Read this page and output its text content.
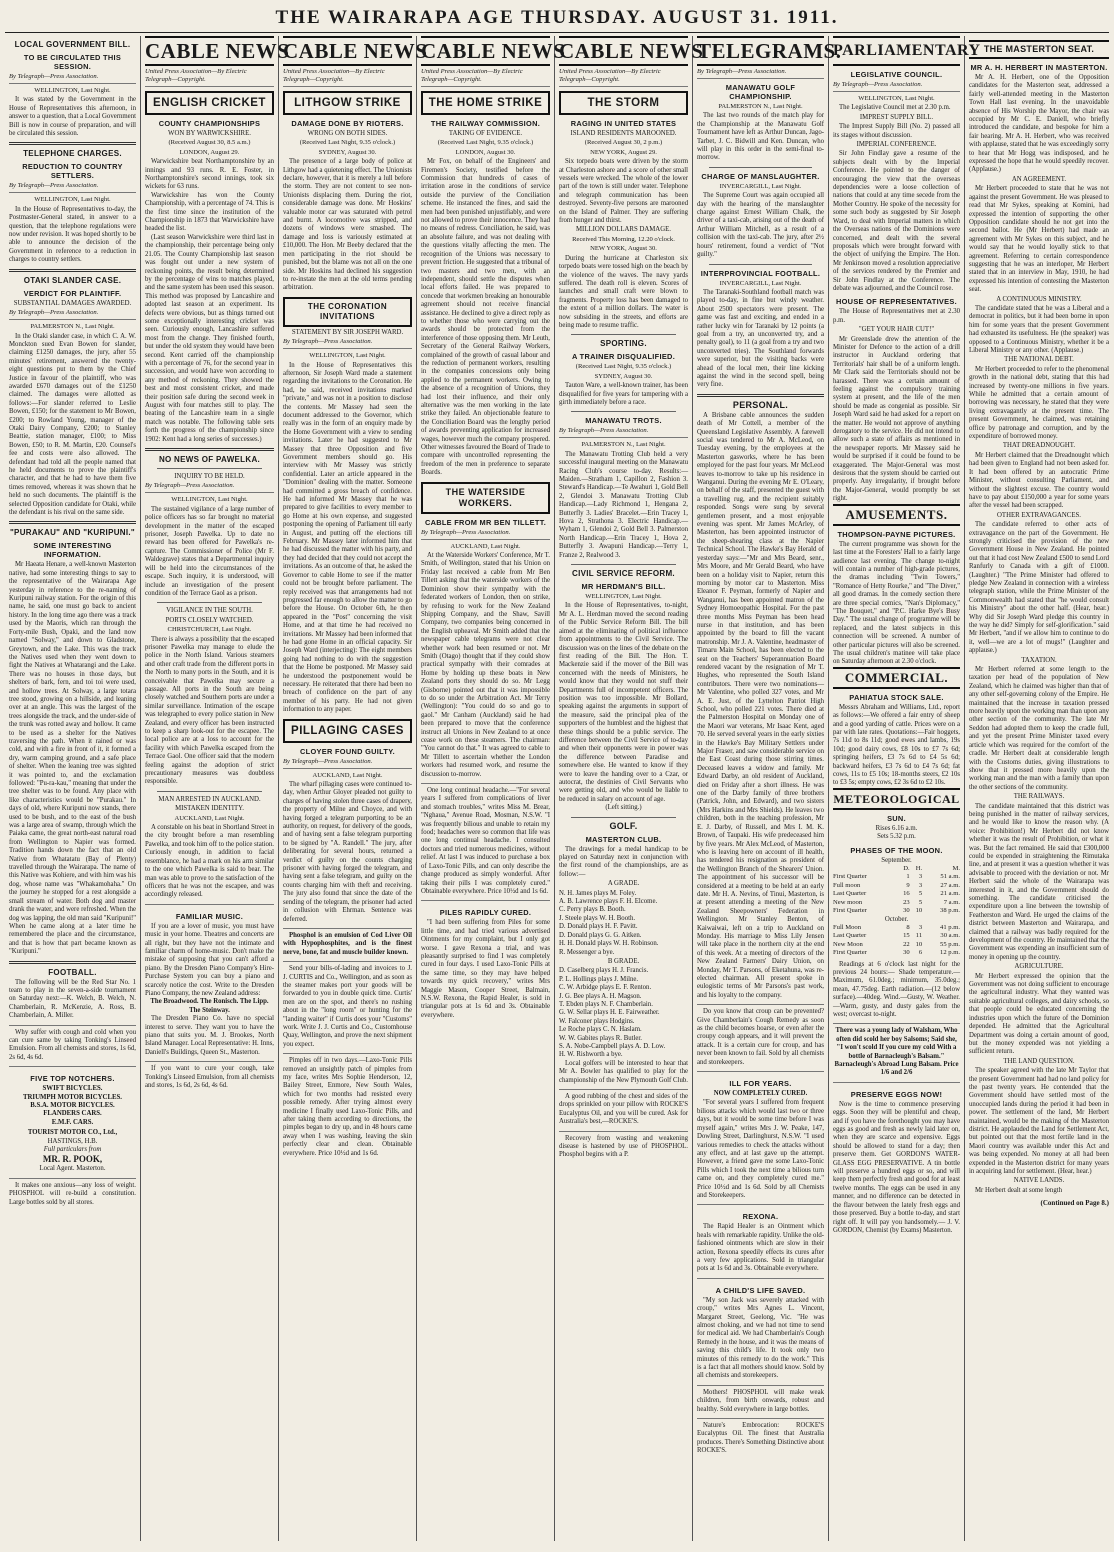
THE WAIRARAPA AGE THURSDAY. AUGUST 31. 1911.
LOCAL GOVERNMENT BILL.
TO BE CIRCULATED THIS SESSION.
By Telegraph—Press Association.
WELLINGTON, Last Night.

It was stated by the Government in the House of Representatives this afternoon, in answer to a question, that a Local Government Bill is now in course of preparation, and will be circulated this session.

TELEPHONE CHARGES.
REDUCTION TO COUNTRY SETTLERS.
By Telegraph—Press Association.
WELLINGTON, Last Night.

In the House of Representatives to-day, the Postmaster-General stated, in answer to a question, that the telephone regulations were now under revision. It was hoped shortly to be able to announce the decision of the Government in reference to a reduction in charges to country settlers.

OTAKI SLANDER CASE.
VERDICT FOR PLAINTIFF.
SUBSTANTIAL DAMAGES AWARDED.
By Telegraph—Press Association.
PALMERSTON N., Last Night.

In the Otaki slander case, in which C. A. W. Monckton sued Evan Bowen for slander, claiming £1250 damages, the jury, after 55 minutes' retirement, answered the twenty-eight questions put to them by the Chief Justice in favour of the plaintiff, who was awarded £670 damages out of the £1250 claimed. The damages were allotted as follows:—For slander referred to Leslie Bowen, £150; for the statement to Mr Bowen, £200; to Rowland Young, manager of the Otaki Dairy Company, £200; to Stanley Beattie, station manager, £100; to Miss Bowen, £50; to R. M. Martin, £20. Counsel's fee and costs were also allowed. The defendant had told all the people named that he held documents to prove the plaintiff's character, and that he had to have them five times removed, whereas it was shown that he held no such documents. The plaintiff is the selected Opposition candidate for Otaki, while the defendant is his rival on the same side.

"PURAKAU" AND "KURIPUNI."
SOME INTERESTING INFORMATION.

Mr Haeata Henare, a well-known Masterton native, had some interesting things to say to the representative of the Wairarapa Age yesterday in reference to the re-naming of Kuripuni railway station. For the origin of this name, he said, one must go back to ancient history. In the long time ago there was a track used by the Maoris, which ran through the Forty-mile Bush, Opaki, and the land now named "Solway," and down to Gladstone, Greytown, and the Lake. This was the track the Natives used when they went down to fight the Natives at Whatarangi and the Lake. There was no houses in those days, but shelters of bark, fern, and toi toi were used, and hollow trees. At Solway, a large totara tree stood, growing on a hillside, and leaning over at an angle. This was the largest of the trees alongside the track, and the under-side of the trunk was rotted away and hollow. It came to be used as a shelter for the Natives traversing the path. When it rained or was cold, and with a fire in front of it, it formed a dry, warm camping ground, and a safe place of shelter. When the leaning tree was sighted it was pointed to, and the exclamation followed: "Pu-ra-kau," meaning that under the tree shelter was to be found. Any place with like characteristics would be "Purakau." In days of old, where Kuripuni now stands, there used to be bush, and to the east of the bush was a large area of swamp, through which the Paiaka came, the great north-east natural road from Wellington to Napier was formed. Tradition hands down the fact that an old Native from Whatatatu (Bay of Plenty) travelled through the Wairarapa. The name of this Native was Kohiere, and with him was his dog, whose name was "Whakamohaha." On the journey he stopped for a rest alongside a small stream of water. Both dog and master drank the water, and were refreshed. When the dog was lapping, the old man said "Kuripuni!" When he came along at a later time he remembered the place and the circumstance, and that is how that part became known as "Kuripuni."

FOOTBALL.

The following will be the Red Star No. 1 team to play in the seven-a-side tournament on Saturday next:—K. Welch, B. Welch, N. Chamberlain, R. McKenzie, A. Ross, B. Chamberlain, A. Miller.

Why suffer with cough and cold when you can cure same by taking Tonking's Linseed Emulsion. From all chemists and stores, 1s 6d, 2s 6d, 4s 6d.

FIVE TOP NOTCHERS.
SWIFT BICYCLES.
TRIUMPH MOTOR BICYCLES.
B.S.A. MOTOR BICYCLES.
FLANDERS CARS.
E.M.F. CARS.
TOURIST MOTOR CO., Ltd.,
HASTINGS, H.B.
Full particulars from
MR. R. POOK,
Local Agent. Masterton.

It makes one anxious—any loss of weight. PHOSPHOL will re-build a constitution. Large bottles sold by all stores.

CABLE NEWS
United Press Association—By Electric Telegraph—Copyright.
ENGLISH CRICKET
COUNTY CHAMPIONSHIPS
WON BY WARWICKSHIRE.
(Received August 30, 8.5 a.m.)
LONDON, August 29.

Warwickshire beat Northamptonshire by an innings and 93 runs. R. E. Foster, in Northamptonshire's second innings, took six wickets for 63 runs.

Warwickshire has won the County Championship, with a percentage of 74. This is the first time since the institution of the Championship in 1873 that Warwickshire have headed the list.

(Last season Warwickshire were third last in the championship, their percentage being only 21.05. The County Championship last season was fought out under a new system of reckoning points, the result being determined by the percentage of wins to matches played, and the same system has been used this season. This method was proposed by Lancashire and adopted last season at an experiment. Its defects were obvious, but as things turned out some exceptionally interesting cricket was seen. Curiously enough, Lancashire suffered most from the change. They finished fourth, but under the old system they would have been second. Kent carried off the championship with a percentage of 76, for the second year in succession, and would have won according to any method of reckoning. They showed the best and most consistent cricket, and made their position safe during the second week in August with four matches still to play. The beating of the Lancashire team in a single match was notable. The following table sets forth the progress of the championship since 1902: Kent had a long series of successes.)

NO NEWS OF PAWELKA.
INQUIRY TO BE HELD.
By Telegraph—Press Association.
WELLINGTON, Last Night.

The sustained vigilance of a large number of police officers has so far brought no material development in the matter of the escaped prisoner, Joseph Pawelka. Up to date no reward has been offered for Pawelka's re-capture. The Commissioner of Police (Mr F. Waldegrave) states that a Departmental inquiry will be held into the circumstances of the escape. Such inquiry, it is understood, will include an investigation of the present condition of the Terrace Gaol as a prison.

VIGILANCE IN THE SOUTH.
PORTS CLOSELY WATCHED.
CHRISTCHURCH, Last Night.

There is always a possibility that the escaped prisoner Pawelka may manage to elude the police in the North Island. Various steamers and other craft trade from the different ports in the North to many ports in the South, and it is conceivable that Pawelka may secure a passage. All ports in the South are being closely watched and Southern ports are under a similar surveillance. Intimation of the escape was telegraphed to every police station in New Zealand, and every officer has been instructed to keep a sharp look-out for the escapee. The local police are at a loss to account for the facility with which Pawelka escaped from the Terrace Gaol. One officer said that the modern feeling against the adoption of strict precautionary measures was doubtless responsible.

MAN ARRESTED IN AUCKLAND.
MISTAKEN IDENTITY.
AUCKLAND, Last Night.

A constable on his beat in Shortland Street in the city brought before a man resembling Pawelka, and took him off to the police station. Curiously enough, in addition to facial resemblance, he had a mark on his arm similar to the one which Pawelka is said to bear. The man was able to prove to the satisfaction of the officers that he was not the escapee, and was accordingly released.

FAMILIAR MUSIC.

If you are a lover of music, you must have music in your home. Theatres and concerts are all right, but they have not the intimate and familiar charm of home-music. Don't make the mistake of supposing that you can't afford a piano. By the Dresden Piano Company's Hire-Purchase System you can buy a piano and scarcely notice the cost. Write to the Dresden Piano Company, the new Zealand address:

The Broadwood. The Ronisch. The Lipp. The Steinway.

The Dresden Piano Co. have no special interest to serve. They want you to have the piano that suits you. M. J. Brookes, North Island Manager. Local Representative: H. Inns, Daniell's Buildings, Queen St., Masterton.

If you want to cure your cough, take Tonking's Linseed Emulsion, from all chemists and stores, 1s 6d, 2s 6d, 4s 6d.

CABLE NEWS
United Press Association—By Electric Telegraph—Copyright.
LITHGOW STRIKE
DAMAGE DONE BY RIOTERS.
WRONG ON BOTH SIDES.
(Received Last Night, 9.35 o'clock.)
SYDNEY, August 30.

The presence of a large body of police at Lithgow had a quietening effect. The Unionists declare, however, that it is merely a lull before the storm. They are not content to see non-Unionists displacing them. During the riot, considerable damage was done. Mr Hoskins' valuable motor car was saturated with petrol and burnt. A locomotive was stripped, and dozens of windows were smashed. The damage and loss is variously estimated at £10,000. The Hon. Mr Beeby declared that the men participating in the riot should be punished, but the blame was not all on the one side. Mr Hoskins had declined his suggestion to re-instate the men at the old terms pending arbitration.

THE CORONATION INVITATIONS
STATEMENT BY SIR JOSEPH WARD.
By Telegraph—Press Association.
WELLINGTON, Last Night.

In the House of Representatives this afternoon, Sir Joseph Ward made a statement regarding the invitations to the Coronation. He had, he said, received invitations marked "private," and was not in a position to disclose the contents. Mr Massey had seen the document addressed to the Governor, which really was in the form of an enquiry made by the Home Government with a view to sending invitations. Later he had suggested to Mr Massey that three Opposition and five Government members should go. His interview with Mr Massey was strictly confidential. Later an article appeared in the "Dominion" dealing with the matter. Someone had committed a gross breach of confidence. He had informed Mr Massey that he was prepared to give facilities to every member to go Home at his own expense, and suggested postponing the opening of Parliament till early in August, and putting off the elections till February. Mr Massey later informed him that he had discussed the matter with his party, and they had decided that they could not accept the invitations. As an outcome of that, he asked the Governor to cable Home to see if the matter could not be brought before parliament. The reply received was that arrangements had not progressed far enough to allow the matter to go before the House. On October 6th, he then appeared in the "Post" concerning the visit Home, and at that time he had received no invitations. Mr Massey had been informed that he had gone Home in an official capacity. Sir Joseph Ward (interjecting): The eight members going had nothing to do with the suggestion that the Home be postponed. Mr Massey said he understood the postponement would be necessary. He reiterated that there had been no breach of confidence on the part of any member of his party. He had not given information to any paper.

PILLAGING CASES
CLOYER FOUND GUILTY.
By Telegraph—Press Association.
AUCKLAND, Last Night.

The wharf pillaging cases were continued to-day, when Arthur Gloyer pleaded not guilty to charges of having stolen three cases of drapery, the property of Milne and Choyce, and with having forged a telegram purporting to be an authority, on request, for delivery of the goods, and of having sent a false telegram purporting to be signed by "A. Randell." The jury, after deliberating for several hours, returned a verdict of guilty on the counts charging prisoner with having forged the telegram, and having sent a false telegram, and guilty on the counts charging him with theft and receiving. The jury also found that since the date of the sending of the telegram, the prisoner had acted in collusion with Ehrman. Sentence was deferred.

Phosphol is an emulsion of Cod Liver Oil with Hypophosphites, and is the finest nerve, bone, fat and muscle builder known.

Send your bills-of-lading and invoices to J. J. CURTIS and Co., Wellington, and as soon as the steamer makes port your goods will be forwarded to you in double quick time. Curtis' men are on the spot, and there's no rushing about in the "long room" or hunting for the "landing waiter" if Curtis does your "Customs" work. Write J. J. Curtis and Co., Customhouse Quay, Wellington, and prove the next shipment you expect.

Pimples off in two days.—Laxo-Tonic Pills removed an unsightly patch of pimples from my face, writes Mrs Sophie Henderson, 12, Bailey Street, Enmore, New South Wales, which for two months had resisted every possible remedy. After trying almost every medicine I finally used Laxo-Tonic Pills, and after taking them according to directions, the pimples began to dry up, and in 48 hours came away when I was washing, leaving the skin perfectly clear and clean. Obtainable everywhere. Price 10½d and 1s 6d.

CABLE NEWS
United Press Association—By Electric Telegraph—Copyright.
THE HOME STRIKE
THE RAILWAY COMMISSION.
TAKING OF EVIDENCE.
(Received Last Night, 9.35 o'clock.)
LONDON, August 30.

Mr Fox, on behalf of the Engineers' and Firemen's Society, testified before the Commission that hundreds of cases of irritation arose in the conditions of service outside the purview of the Conciliation scheme. He instanced the fines, and said the men had been punished unjustifiably, and were not allowed to prove their innocence. They had no means of redress. Conciliation, he said, was an absolute failure, and was not dealing with the questions vitally affecting the men. The recognition of the Unions was necessary to prevent friction. He suggested that a tribunal of two masters and two men, with an independent, should settle the disputes when local efforts failed. He was prepared to concede that workmen breaking an honourable agreement should not receive financial assistance. He declined to give a direct reply as to whether those who were carrying out the awards should be protected from the interference of those opposing them. Mr Leuth, Secretary of the General Railway Workers, complained of the growth of casual labour and the reduction of permanent workers, resulting in the companies concessions only being applied to the permanent workers. Owing to the absence of a recognition of Unions, they had lost their influence, and their only alternative was the men working in the late strike they failed. An objectionable feature to the Conciliation Board was the lengthy period of awards preventing application for increased wages, however much the company prospered. Other witnesses favoured the Board of Trade to compare with uncontrolled representing the freedom of the men in preference to separate Boards.

THE WATERSIDE WORKERS.
CABLE FROM MR BEN TILLETT.
By Telegraph—Press Association.
AUCKLAND, Last Night.

At the Waterside Workers' Conference, Mr T. Smith, of Wellington, stated that his Union on Friday last received a cable from Mr Ben Tillett asking that the waterside workers of the Dominion show their sympathy with the federated workers of London, then on strike, by refusing to work for the New Zealand Shipping Company, and the Shaw, Savill Company, two companies being concerned in the English upheaval. Mr Smith added that the newspaper cable telegrams were not clear whether work had been resumed or not. Mr Smith (Otago) thought that if they could show practical sympathy with their comrades at Home by holding up these boats in New Zealand ports they should do so. Mr Legg (Gisborne) pointed out that it was impossible to do so under the Arbitration Act. Mr Terry (Wellington): "You could do so and go to gaol." Mr Canham (Auckland) said he had been prepared to move that the conference instruct all Unions in New Zealand to at once cease work on these steamers. The chairman: "You cannot do that." It was agreed to cable to Mr Tillett to ascertain whether the London workers had resumed work, and resume the discussion to-morrow.

One long continual headache.—"For several years I suffered from complications of liver and stomach troubles," writes Miss M. Brear, "Nghaua," Avenue Road, Mosman, N.S.W. "I was frequently bilious and unable to retain my food; headaches were so common that life was one long continual headache. I consulted doctors and tried numerous medicines, without relief. At last I was induced to purchase a box of Laxo-Tonic Pills, and can only describe the change produced as simply wonderful. After taking their pills I was completely cured." Obtainable everywhere. Price 10½d and 1s 6d.

PILES RAPIDLY CURED.

"I had been suffering from Piles for some little time, and had tried various advertised Ointments for my complaint, but I only got worse. I gave Rexona a trial, and was pleasantly surprised to find I was completely cured in four days. I used Laxo-Tonic Pills at the same time, so they may have helped towards my quick recovery," writes Mrs Maggie Mason, Cooper Street, Balmain, N.S.W. Rexona, the Rapid Healer, is sold in triangular pots at 1s 6d and 3s. Obtainable everywhere.

CABLE NEWS
United Press Association—By Electric Telegraph—Copyright.
THE STORM
RAGING IN UNITED STATES
ISLAND RESIDENTS MAROONED.
(Received August 30, 2 p.m.)
NEW YORK, August 29.

Six torpedo boats were driven by the storm at Charleston ashore and a score of other small vessels were wrecked. The whole of the lower part of the town is still under water. Telephone and telegraph communication has been destroyed. Seventy-five persons are marooned on the Island of Palmer. They are suffering from hunger and thirst.

MILLION DOLLARS DAMAGE.
Received This Morning, 12.20 o'clock.
NEW YORK, August 30.

During the hurricane at Charleston six torpedo boats were tossed high on the beach by the violence of the waves. The navy yards suffered. The death roll is eleven. Scores of launches and small craft were blown to fragments. Property loss has been damaged to the extent of a million dollars. The water is now subsiding in the streets, and efforts are being made to resume traffic.

SPORTING.
A TRAINER DISQUALIFIED.
(Received Last Night, 9.35 o'clock.)
SYDNEY, August 30.

Tauton Ware, a well-known trainer, has been disqualified for five years for tampering with a girth immediately before a race.

MANAWATU TROTS.
By Telegraph—Press Association.
PALMERSTON N., Last Night.

The Manawatu Trotting Club held a very successful inaugural meeting on the Manawatu Racing Club's course to-day. Results:— Maiden.—Stratham 1, Capillon 2, Fashion 3. Steward's Handicap.—Te Awahuri 1, Gold Bell 2, Glendoi 3. Manawatu Trotting Club Handicap.—Lady Richmond 1, Hengana 2, Butterfly 3. Ladies' Bracelet.—Erin Tracey 1, Hova 2, Strathona 3. Electric Handicap.—Wyham 1, Glendoi 2, Gold Bell 3. Palmerston North Handicap.—Erin Tracey 1, Hova 2, Butterfly 3. Awapuni Handicap.—Terry 1, Franze 2, Realwood 3.

CIVIL SERVICE REFORM.
MR HERDMAN'S BILL.
WELLINGTON, Last Night.

In the House of Representatives, to-night, Mr A. L. Herdman moved the second reading of the Public Service Reform Bill. The bill aimed at the eliminating of political influence from appointments to the Civil Service. The discussion was on the lines of the debate on the first reading of the Bill. The Hon. T. Mackenzie said if the mover of the Bill was concerned with the needs of Ministers, he would know that they would not stuff their Departments full of incompetent officers. The position was too impossible. Mr Bollard, speaking against the arguments in support of the measure, said the principal plea of the supporters of the humblest and the highest that these things should be a public service. The difference between the Civil Service of to-day and when their opponents were in power was the difference between Paradise and somewhere else. He wanted to know if they were to leave the handing over to a Czar, or autocrat, the destinies of Civil Servants who were getting old, and who would be liable to be reduced in salary on account of age.

(Left sitting.)
GOLF.
MASTERTON CLUB.

The drawings for a medal handicap to be played on Saturday next in conjunction with the first round of the championships, are as follow:—

A GRADE.
N. H. James plays M. Foley.
A. B. Lawrence plays F. H. Elcome.
C. Perry plays B. Booth.
J. Steele plays W. H. Booth.
D. Donald plays H. F. Pavitt.
D. Donald plays G. G. Aitken.
H. H. Donald plays W. H. Robinson.
R. Messenger a bye.
B GRADE.
D. Caselberg plays H. J. Francis.
P. L. Hollings plays J. Milne.
C. W. Arbidge plays E. F. Renton.
J. G. Bee plays A. H. Magson.
T. Ebden plays N. F. Chamberlain.
G. W. Sellar plays H. E. Fairweather.
W. Falconer plays Hodgins.
Le Roche plays C. N. Haslam.
W. W. Gabites plays R. Butler.
S. A. Nobe-Campbell plays A. D. Low.
H. W. Rishworth a bye.

Local golfers will be interested to hear that Mr A. Bowler has qualified to play for the championship of the New Plymouth Golf Club.

A good rubbing of the chest and sides of the drops sprinkled on your pillow with ROCKE'S Eucalyptus Oil, and you will be cured. Ask for Australia's best,—ROCKE'S.

Recovery from wasting and weakening disease is hastened by use of PHOSPHOL. Phosphol begins with a P.

TELEGRAMS.
By Telegraph—Press Association.
MANAWATU GOLF CHAMPIONSHIP.
PALMERSTON N., Last Night.

The last two rounds of the match play for the Championship at the Manawatu Golf Tournament have left as Arthur Duncan, Jago-Tarbet, J. C. Bidwill and Ken. Duncan, who will play in this order in the semi-final to-morrow.

CHARGE OF MANSLAUGHTER.
INVERCARGILL, Last Night.

The Supreme Court was again occupied all day with the hearing of the manslaughter charge against Ernest William Chalk, the driver of a taxi-cab, arising out of the death of Arthur William Mitchell, as a result of a collision with the taxi-cab. The jury, after 2½ hours' retirement, found a verdict of "Not guilty."

INTERPROVINCIAL FOOTBALL.
INVERCARGILL, Last Night.

The Taranaki-Southland football match was played to-day, in fine but windy weather. About 2500 spectators were present. The game was fast and exciting, and ended in a rather lucky win for Taranaki by 12 points (a goal from a try, an unconverted try, and a penalty goal), to 11 (a goal from a try and two unconverted tries). The Southland forwards were superior, but the visiting backs were ahead of the local men, their line kicking against the wind in the second spell, being very fine.

PERSONAL.

A Brisbane cable announces the sudden death of Mr Cottell, a member of the Queensland Legislative Assembly. A farewell social was tendered to Mr A. McLeod, on Tuesday evening, by the employees at the Masterton gasworks, where he has been employed for the past four years. Mr McLeod leaves to-morrow to take up his residence in Wanganui. During the evening Mr E. O'Leary, on behalf of the staff, presented the guest with a travelling rug, and the recipient suitably responded. Songs were sung by several gentlemen present, and a most enjoyable evening was spent. Mr James McArley, of Masterton, has been appointed instructor of the sheep-shearing class at the Napier Technical School. The Hawke's Bay Herald of yesterday says:—"Mr and Mrs Beard, senr., Mrs Moore, and Mr Gerald Beard, who have been on a holiday visit to Napier, return this morning by motor car to Masterton. Miss Eleanor F. Peyman, formerly of Napier and Wanganui, has been appointed matron of the Sydney Homoeopathic Hospital. For the past three months Miss Peyman has been head nurse in that institution, and has been appointed by the board to fill the vacant matronship. Mr J. A. Valentine, headmaster of Timaru Main School, has been elected to the seat on the Teachers' Superannuation Board rendered vacant by the resignation of Mr T. Hughes, who represented the South Island contributors. There were two nominations—Mr Valentine, who polled 327 votes, and Mr A. E. Just, of the Lyttelton Patriot High School, who polled 221 votes. There died at the Palmerston Hospital on Monday one of the Maori war veterans, Mr Isaac Kent, aged 70. He served several years in the early sixties in the Hawke's Bay Military Settlers under Major Fraser, and saw considerable service on the East Coast during those stirring times. Deceased leaves a widow and family. Mr Edward Darby, an old resident of Auckland, died on Friday after a short illness. He was one of the Darby family of three brothers (Patrick, John, and Edward), and two sisters (Mrs Harkins and Mrs Shields). He leaves two children, both in the teaching profession, Mr E. J. Darby, of Russell, and Mrs I. M. K. Brown, of Taupaki. His wife predeceased him by five years. Mr Alex McLeod, of Masterton, who is leaving here on account of ill health, has tendered his resignation as president of the Wellington Branch of the Shearers' Union. The appointment of his successor will be considered at a meeting to be held at an early date. Mr H. A. Nevins, of Tinui, Masterton, is at present attending a meeting of the New Zealand Sheepowners' Federation in Wellington. Mr Stanley Benton, of Kaiwaiwai, left on a trip to Auckland on Monday. His marriage to Miss Lily Jensen will take place in the northern city at the end of this week. At a meeting of directors of the New Zealand Farmers' Dairy Union, on Monday, Mr T. Parsons, of Eketahuna, was re-elected chairman. All present spoke in eulogistic terms of Mr Parsons's past work, and his loyalty to the company.

Do you know that croup can be prevented? Give Chamberlain's Cough Remedy as soon as the child becomes hoarse, or even after the croupy cough appears, and it will prevent the attack. It is a certain cure for croup, and has never been known to fail. Sold by all chemists and storekeepers.

ILL FOR YEARS.
NOW COMPLETELY CURED.

"For several years I suffered from frequent bilious attacks which would last two or three days, but it would be some time before I was myself again," writes Mrs J. W. Peake, 147, Dowling Street, Darlinghurst, N.S.W. "I used various remedies to check the attacks without any effect, and at last gave up the attempt. However, a friend gave me some Laxo-Tonic Pills which I took the next time a bilious turn came on, and they completely cured me." Price 10½d and 1s 6d. Sold by all Chemists and Storekeepers.

REXONA.

The Rapid Healer is an Ointment which heals with remarkable rapidity. Unlike the old-fashioned ointments which are slow in their action, Rexona speedily effects its cures after a very few applications. Sold in triangular pots at 1s 6d and 3s. Obtainable everywhere.

A CHILD'S LIFE SAVED.

"My son Jack was severely attacked with croup," writes Mrs Agnes L. Vincent, Margaret Street, Geelong, Vic. "He was almost choking, and we had not time to send for medical aid. We had Chamberlain's Cough Remedy in the house, and it was the means of saving this child's life. It took only two minutes of this remedy to do the work." This is a fact that all mothers should know. Sold by all chemists and storekeepers.

Mothers! PHOSPHOL will make weak children, from birth onwards, robust and healthy. Sold everywhere in large bottles.

Nature's Embrocation: ROCKE'S Eucalyptus Oil. The finest that Australia produces. There's Something Distinctive about ROCKE'S.

PARLIAMENTARY
LEGISLATIVE COUNCIL.
By Telegraph—Press Association.
WELLINGTON, Last Night.

The Legislative Council met at 2.30 p.m.

IMPREST SUPPLY BILL.

The Imprest Supply Bill (No. 2) passed all its stages without discussion.

IMPERIAL CONFERENCE.

Sir John Findlay gave a resume of the subjects dealt with by the Imperial Conference. He pointed to the danger of encouraging the view that the overseas dependencies were a loose collection of nations that could at any time secede from the Mother Country. He spoke of the necessity for some such body as suggested by Sir Joseph Ward, to deal with Imperial matters in which the Overseas nations of the Dominions were concerned, and dealt with the several proposals which were brought forward with the object of unifying the Empire. The Hon. Mr Jenkinson moved a resolution appreciative of the services rendered by the Premier and Sir John Findlay at the Conference. The debate was adjourned, and the Council rose.

HOUSE OF REPRESENTATIVES.

The House of Representatives met at 2.30 p.m.

"GET YOUR HAIR CUT!"

Mr Greenslade drew the attention of the Minister for Defence to the action of a drill instructor in Auckland ordering that Territorials' hair shall be of a uniform length. Mr Clark said the Territorials should not be harassed. There was a certain amount of feeling against the compulsory training system at present, and the life of the men should be made as congenial as possible. Sir Joseph Ward said he had asked for a report on the matter. He would not approve of anything derogatory to the service. He did not intend to allow such a state of affairs as mentioned in the newspaper reports. Mr Massey said he would be surprised if it could be found to be exaggerated. The Major-General was most desirous that the system should be carried out properly. Any irregularity, if brought before the Major-General, would promptly be set right.

AMUSEMENTS.
THOMPSON-PAYNE PICTURES.

The current programme was shown for the last time at the Foresters' Hall to a fairly large audience last evening. The change to-night will contain a number of high-grade pictures, the dramas including "Twin Towers," "Romance of Hetty Rourke," and "The Diver," all good dramas. In the comedy section there are three special comics, "Nan's Diplomacy," "The Bouquet," and "P.C. Harke Bye's Busy Day." The usual change of programme will be replaced, and the latest subjects in this connection will be screened. A number of other particular pictures will also be screened. The usual children's matinee will take place on Saturday afternoon at 2.30 o'clock.

COMMERCIAL.
PAHIATUA STOCK SALE.

Messrs Abraham and Williams, Ltd., report as follows:—We offered a fair entry of sheep and a good yarding of cattle. Prices were on a par with late rates. Quotations:—Fair hoggets, 7s 11d to 8s 11d; good ewes and lambs, 19s 10d; good dairy cows, £8 10s to £7 7s 6d; springing heifers, £3 7s 6d to £4 5s 6d; backward heifers, £3 7s 6d to £4 7s 6d; fat cows, 11s to £5 10s; 18-months steers, £2 10s to £3 5s; empty cows, £2 3s 6d to £2 10s.

METEOROLOGICAL
SUN.
Rises 6.16 a.m.
Sets 5.32 p.m.
PHASES OF THE MOON.
September.
	D.	H.	M.
First Quarter	1	3	51 a.m.
Full moon	9	3	27 a.m.
Last Quarter	16	5	21 a.m.
New moon	23	5	7 a.m.
First Quarter	30	10	38 p.m.
October.
Full Moon	8	3	41 p.m.
Last Quarter	15	11	30 a.m.
New Moon	22	10	55 p.m.
First Quarter	30	6	12 p.m.

Readings at 6 o'clock last night for the previous 24 hours:— Shade temperature.—Maximum, 61.0deg.; minimum, 35.0deg.; mean, 47.75deg. Earth radiation.—(12 below surface).—40deg. Wind.—Gusty, W. Weather.—Warm, gusty, and dusty gales from the west; overcast to-night.

There was a young lady of Walsham, Who often did scold her boy Salsoms; Said she, "I won't scold If you cure my cold With a bottle of Barnacleugh's Balsam." Barnacleugh's Abroad Lung Balsam. Price 1/6 and 2/6

PRESERVE EGGS NOW!

Now is the time to commence preserving eggs. Soon they will be plentiful and cheap, and if you have the forethought you may have eggs as good and fresh as newly laid later on, when they are scarce and expensive. Eggs should be allowed to stand for a day; then preserve them. Get GORDON'S WATER-GLASS EGG PRESERVATIVE. A tin bottle will preserve a hundred eggs or so, and will keep them perfectly fresh and good for at least twelve months. The eggs can be used in any manner, and no difference can be detected in the flavour between the lately fresh eggs and those preserved. Buy a bottle to-day, and start right off. It will pay you handsomely.— J. V. GORDON, Chemist (by Exams) Masterton.

THE MASTERTON SEAT.
MR A. H. HERBERT IN MASTERTON.

Mr A. H. Herbert, one of the Opposition candidates for the Masterton seat, addressed a fairly well-attended meeting in the Masterton Town Hall last evening. In the unavoidable absence of His Worship the Mayor, the chair was occupied by Mr C. E. Daniell, who briefly introduced the candidate, and bespoke for him a fair hearing. Mr A. H. Herbert, who was received with applause, stated that he was exceedingly sorry to hear that Mr Hogg was indisposed, and he expressed the hope that he would speedily recover. (Applause.)

AN AGREEMENT.

Mr Herbert proceeded to state that he was not against the present Government. He was pleased to read that Mr Sykes, speaking at Komini, had expressed the intention of supporting the other Opposition candidate should he not get into the second ballot. He (Mr Herbert) had made an agreement with Mr Sykes on this subject, and he would say that he would loyally stick to that agreement. Referring to certain correspondence suggesting that he was an interloper, Mr Herbert stated that in an interview in May, 1910, he had expressed his intention of contesting the Masterton seat.

A CONTINUOUS MINISTRY.

The candidate stated that he was a Liberal and a democrat in politics, but it had been borne in upon him for some years that the present Government had exhausted its usefulness. He (the speaker) was opposed to a Continuous Ministry, whether it be a Liberal Ministry or any other. (Applause.)

THE NATIONAL DEBT.

Mr Herbert proceeded to refer to the phenomenal growth in the national debt, stating that this had increased by twenty-one millions in five years. While he admitted that a certain amount of borrowing was necessary, he stated that they were living extravagantly at the present time. The present Government, he claimed, was retaining office by patronage and corruption, and by the expenditure of borrowed money.

THAT DREADNOUGHT.

Mr Herbert claimed that the Dreadnought which had been given to England had not been asked for. It had been offered by an autocratic Prime Minister, without consulting Parliament, and without the slightest excuse. The country would have to pay about £150,000 a year for some years after the vessel had been scrapped.

OTHER EXTRAVAGANCES.

The candidate referred to other acts of extravagance on the part of the Government. He strongly criticised the provision of the new Government House in New Zealand. He pointed out that it had cost New Zealand £500 to send Lord Ranfurly to Canada with a gift of £1000. (Laughter.) "The Prime Minister had offered to pledge New Zealand in connection with a wireless telegraph station, while the Prime Minister of the Commonwealth had stated that "he would consult his Ministry" about the other half. (Hear, hear.) Why did Sir Joseph Ward pledge this country in the way he did? Simply for self-glorification." said Mr Herbert, "and if we allow him to continue to do it, well—we are a lot of mugs!" (Laughter and applause.)

TAXATION.

Mr Herbert referred at some length to the taxation per head of the population of New Zealand, which he claimed was higher than that of any other self-governing colony of the Empire. He maintained that the increase in taxation pressed more heavily upon the working man than upon any other section of the community. The late Mr Seddon had adopted them to keep the cradle full, and yet the present Prime Minister taxed every article which was required for the comfort of the cradle. Mr Herbert dealt at considerable length with the Customs duties, giving illustrations to show that it pressed more heavily upon the working man and the man with a family than upon the other sections of the community.

THE RAILWAYS.

The candidate maintained that this district was being punished in the matter of railway services, and he would like to know the reason why. (A voice: Prohibition!) Mr Herbert did not know whether it was the result of Prohibition, or what it was. But the fact remained. He said that £300,000 could be expended in straightening the Rimutaka line, and at present it was a question whether it was advisable to proceed with the deviation or not. Mr Herbert said the whole of the Wairarapa was interested in it, and the Government should do something. The candidate criticised the expenditure upon a line between the township of Featherston and Ward. He urged the claims of the district between Masterton and Wairarapa, and claimed that a railway was badly required for the development of the country. He maintained that the Government was expending an insufficient sum of money in opening up the country.

AGRICULTURE.

Mr Herbert expressed the opinion that the Government was not doing sufficient to encourage the agricultural industry. What they wanted was suitable agricultural colleges, and dairy schools, so that people could be educated concerning the industries upon which the future of the Dominion depended. He admitted that the Agricultural Department was doing a certain amount of good, but the money expended was not yielding a sufficient return.

THE LAND QUESTION.

The speaker agreed with the late Mr Taylor that the present Government had had no land policy for the past twenty years. He contended that the Government should have settled most of the unoccupied lands during the period it had been in power. The settlement of the land, Mr Herbert maintained, would be the making of the Masterton district. He applauded the Land for Settlement Act, but pointed out that the most fertile land in the Maori country was available under this Act and was being expended. No money at all had been expended in the Masterton district for many years in acquiring land for settlement. (Hear, hear.)

NATIVE LANDS.

Mr Herbert dealt at some length

(Continued on Page 8.)
